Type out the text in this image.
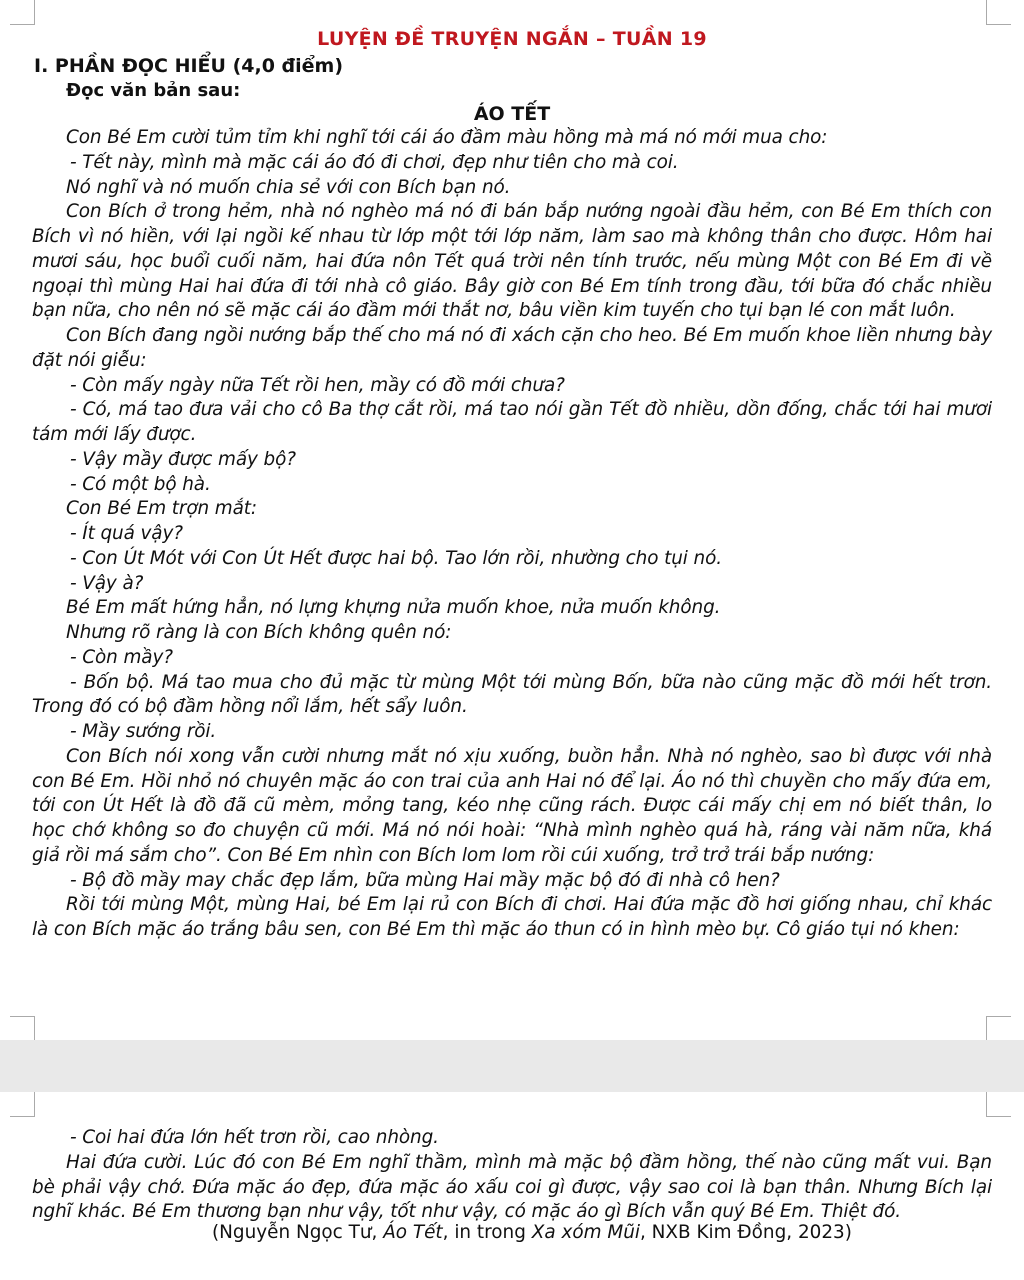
LUYỆN ĐỀ TRUYỆN NGẮN – TUẦN 19
I. PHẦN ĐỌC HIỂU (4,0 điểm)
Đọc văn bản sau:
ÁO TẾT

Con Bé Em cười tủm tỉm khi nghĩ tới cái áo đầm màu hồng mà má nó mới mua cho:

- Tết này, mình mà mặc cái áo đó đi chơi, đẹp như tiên cho mà coi.

Nó nghĩ và nó muốn chia sẻ với con Bích bạn nó.

Con Bích ở trong hẻm, nhà nó nghèo má nó đi bán bắp nướng ngoài đầu hẻm, con Bé Em thích con Bích vì nó hiền, với lại ngồi kế nhau từ lớp một tới lớp năm, làm sao mà không thân cho được. Hôm hai mươi sáu, học buổi cuối năm, hai đứa nôn Tết quá trời nên tính trước, nếu mùng Một con Bé Em đi về ngoại thì mùng Hai hai đứa đi tới nhà cô giáo. Bây giờ con Bé Em tính trong đầu, tới bữa đó chắc nhiều bạn nữa, cho nên nó sẽ mặc cái áo đầm mới thắt nơ, bâu viền kim tuyến cho tụi bạn lé con mắt luôn.

Con Bích đang ngồi nướng bắp thế cho má nó đi xách cặn cho heo. Bé Em muốn khoe liền nhưng bày đặt nói giễu:

- Còn mấy ngày nữa Tết rồi hen, mầy có đồ mới chưa?

- Có, má tao đưa vải cho cô Ba thợ cắt rồi, má tao nói gần Tết đồ nhiều, dồn đống, chắc tới hai mươi tám mới lấy được.

- Vậy mầy được mấy bộ?

- Có một bộ hà.

Con Bé Em trợn mắt:

- Ít quá vậy?

- Con Út Mót với Con Út Hết được hai bộ. Tao lớn rồi, nhường cho tụi nó.

- Vậy à?

Bé Em mất hứng hẳn, nó lựng khựng nửa muốn khoe, nửa muốn không.

Nhưng rõ ràng là con Bích không quên nó:

- Còn mầy?

- Bốn bộ. Má tao mua cho đủ mặc từ mùng Một tới mùng Bốn, bữa nào cũng mặc đồ mới hết trơn. Trong đó có bộ đầm hồng nổi lắm, hết sẩy luôn.

- Mầy sướng rồi.

Con Bích nói xong vẫn cười nhưng mắt nó xịu xuống, buồn hẳn. Nhà nó nghèo, sao bì được với nhà con Bé Em. Hồi nhỏ nó chuyên mặc áo con trai của anh Hai nó để lại. Áo nó thì chuyền cho mấy đứa em, tới con Út Hết là đồ đã cũ mèm, mỏng tang, kéo nhẹ cũng rách. Được cái mấy chị em nó biết thân, lo học chớ không so đo chuyện cũ mới. Má nó nói hoài: “Nhà mình nghèo quá hà, ráng vài năm nữa, khá giả rồi má sắm cho”. Con Bé Em nhìn con Bích lom lom rồi cúi xuống, trở trở trái bắp nướng:

- Bộ đồ mầy may chắc đẹp lắm, bữa mùng Hai mầy mặc bộ đó đi nhà cô hen?

Rồi tới mùng Một, mùng Hai, bé Em lại rủ con Bích đi chơi. Hai đứa mặc đồ hơi giống nhau, chỉ khác là con Bích mặc áo trắng bâu sen, con Bé Em thì mặc áo thun có in hình mèo bự. Cô giáo tụi nó khen:

- Coi hai đứa lớn hết trơn rồi, cao nhòng.

Hai đứa cười. Lúc đó con Bé Em nghĩ thầm, mình mà mặc bộ đầm hồng, thế nào cũng mất vui. Bạn bè phải vậy chớ. Đứa mặc áo đẹp, đứa mặc áo xấu coi gì được, vậy sao coi là bạn thân. Nhưng Bích lại nghĩ khác. Bé Em thương bạn như vậy, tốt như vậy, có mặc áo gì Bích vẫn quý Bé Em. Thiệt đó.

(Nguyễn Ngọc Tư, Áo Tết, in trong Xa xóm Mũi, NXB Kim Đồng, 2023)
